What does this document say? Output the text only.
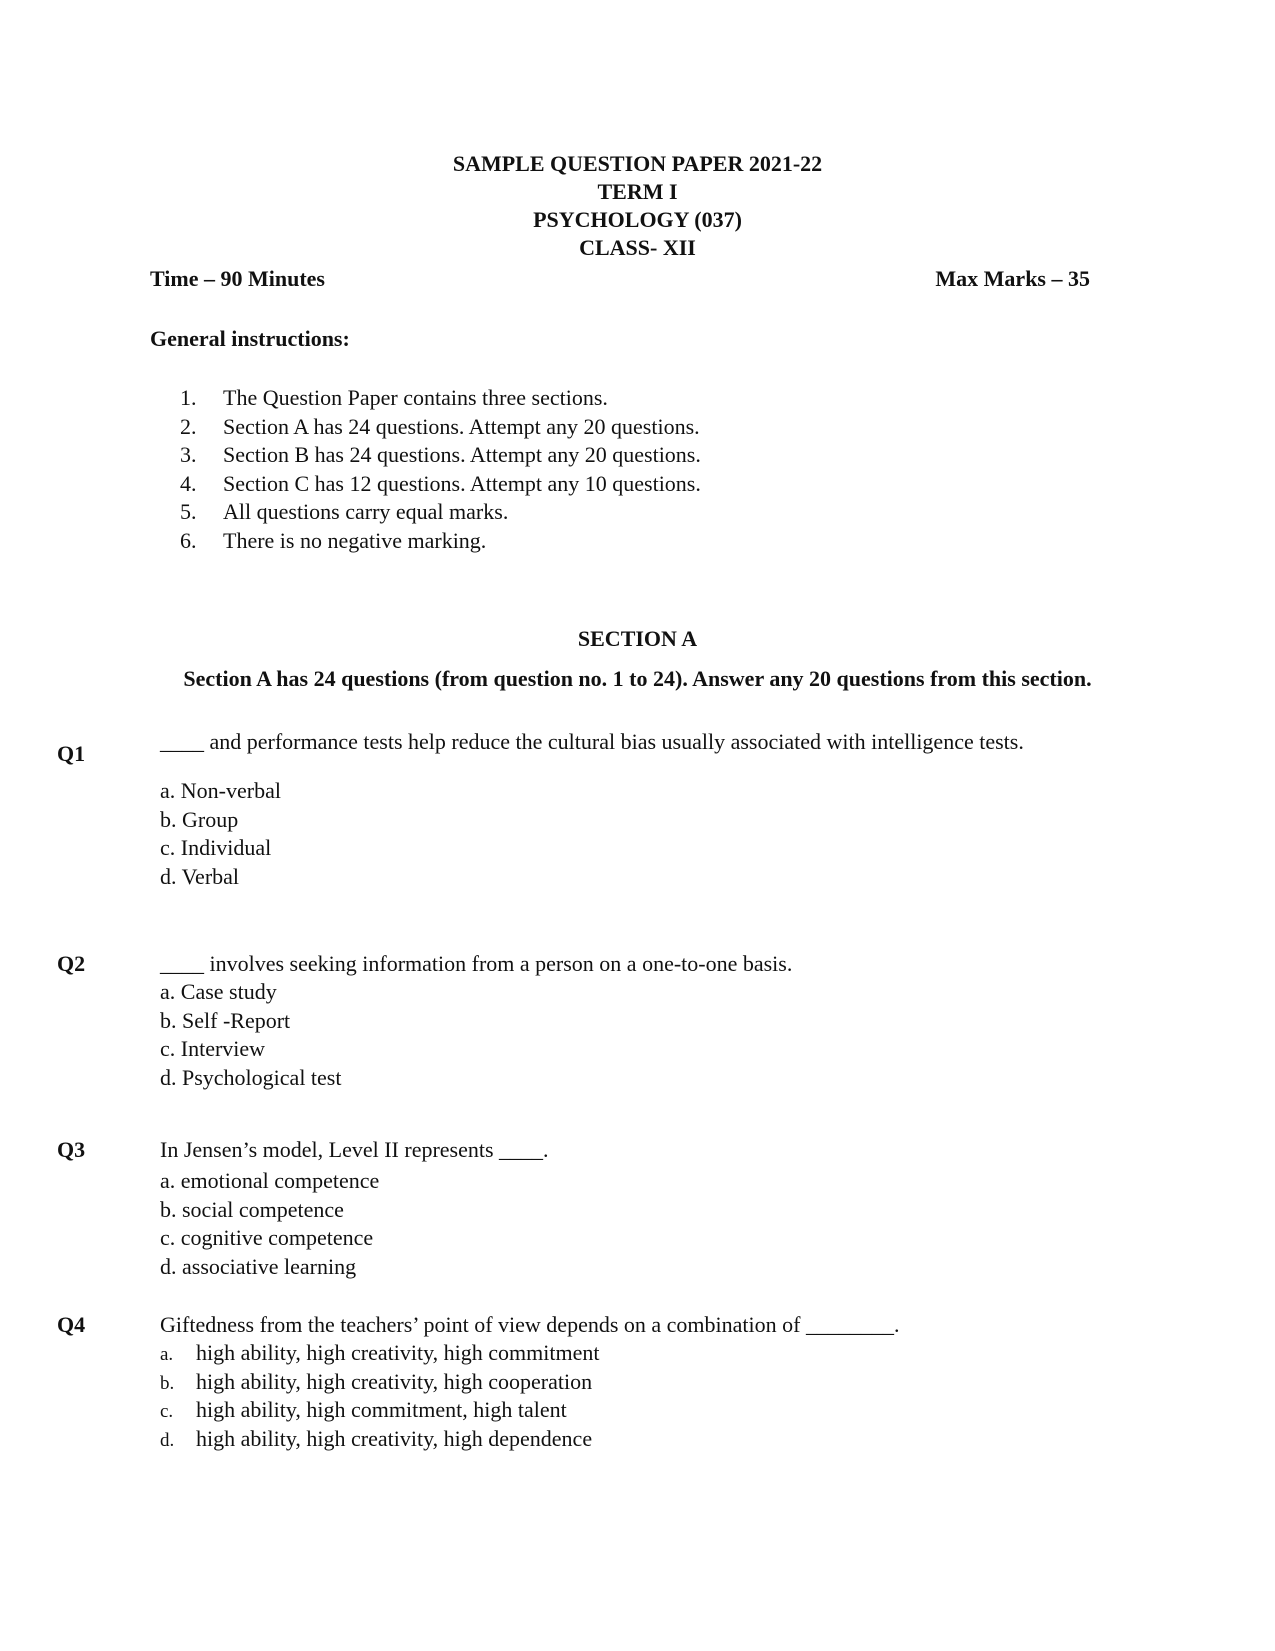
SAMPLE QUESTION PAPER 2021-22
TERM I
PSYCHOLOGY (037)
CLASS- XII
Time – 90 Minutes	Max Marks – 35
General instructions:
1. The Question Paper contains three sections.
2. Section A has 24 questions. Attempt any 20 questions.
3. Section B has 24 questions. Attempt any 20 questions.
4. Section C has 12 questions. Attempt any 10 questions.
5. All questions carry equal marks.
6. There is no negative marking.
SECTION A
Section A has 24 questions (from question no. 1 to 24). Answer any 20 questions from this section.
Q1	____ and performance tests help reduce the cultural bias usually associated with intelligence tests.
a. Non-verbal
b. Group
c. Individual
d. Verbal
Q2	____ involves seeking information from a person on a one-to-one basis.
a. Case study
b. Self -Report
c. Interview
d. Psychological test
Q3	In Jensen’s model, Level II represents ____.
a. emotional competence
b. social competence
c. cognitive competence
d. associative learning
Q4	Giftedness from the teachers’ point of view depends on a combination of ________.
a. high ability, high creativity, high commitment
b. high ability, high creativity, high cooperation
c. high ability, high commitment, high talent
d. high ability, high creativity, high dependence
